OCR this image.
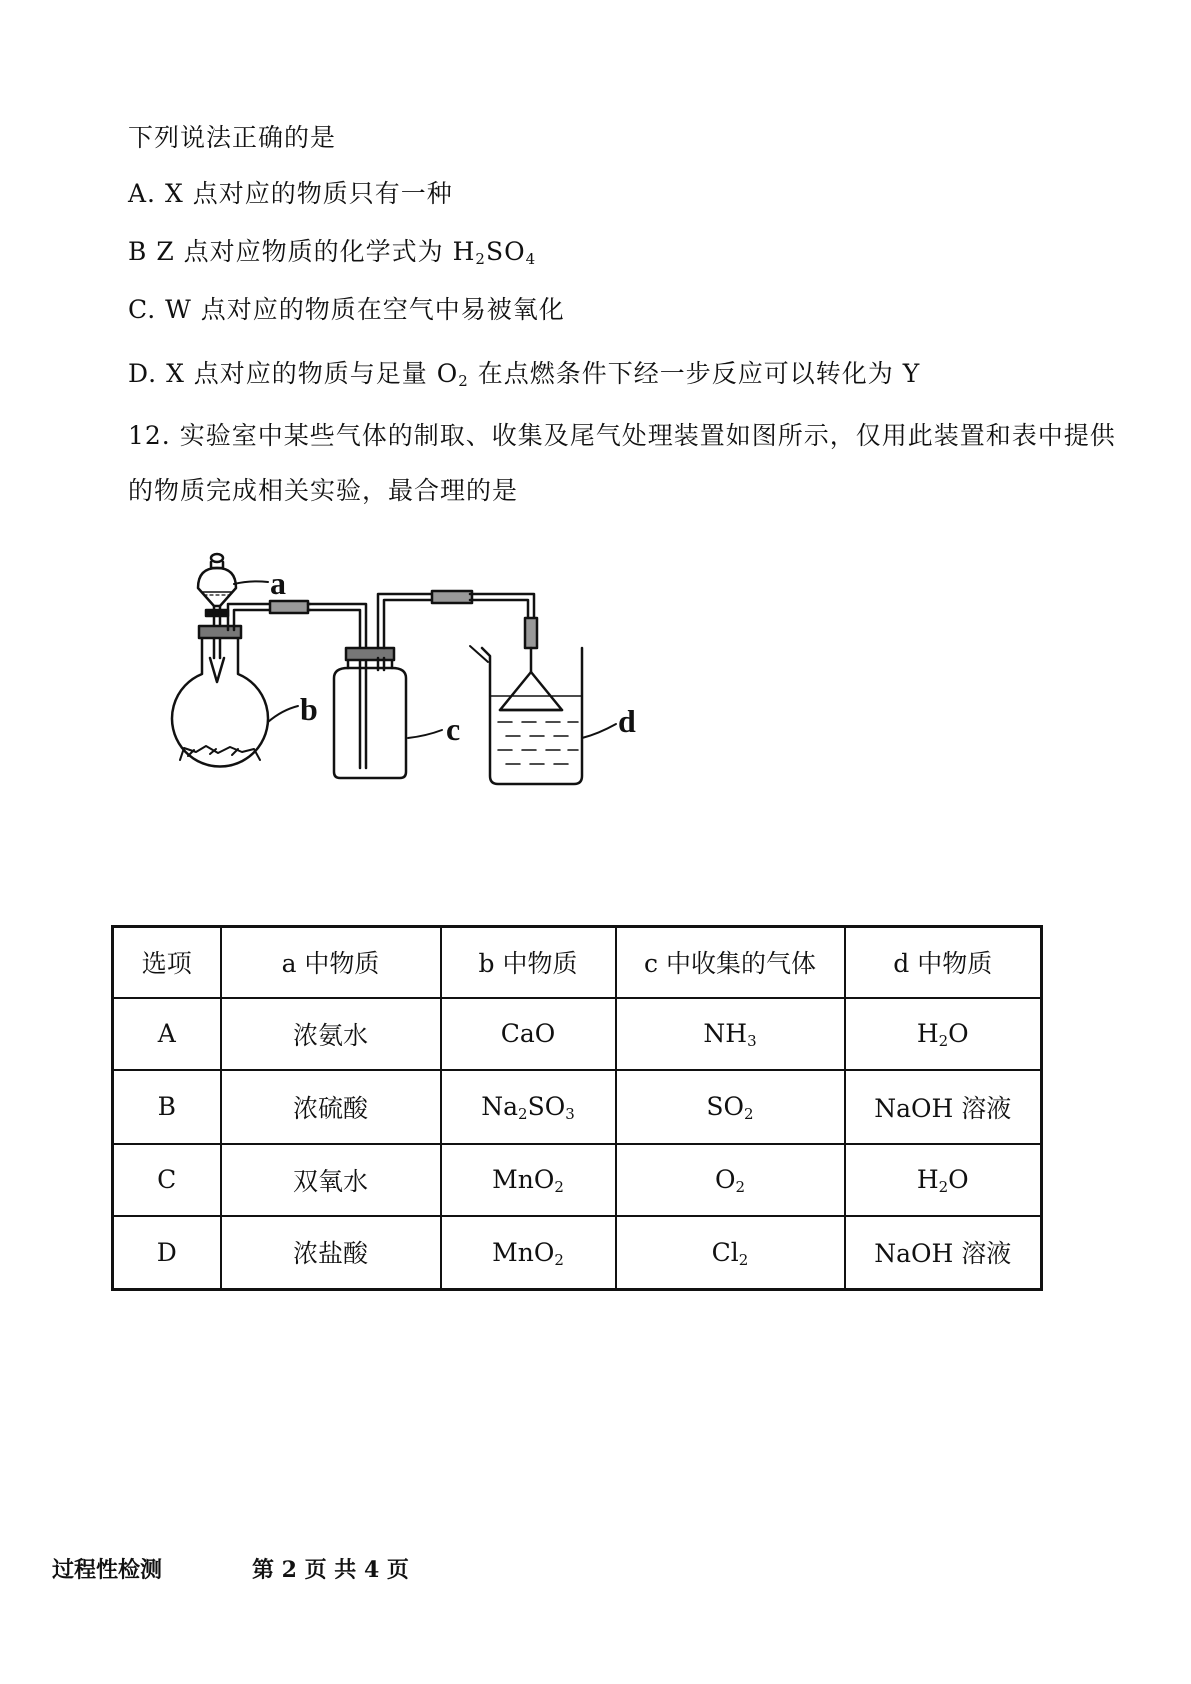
下列说法正确的是
A. X 点对应的物质只有一种
B Z 点对应物质的化学式为 $H_2SO_4$
C. W 点对应的物质在空气中易被氧化
D. X 点对应的物质与足量 $O_2$ 在点燃条件下经一步反应可以转化为 Y
12. 实验室中某些气体的制取、收集及尾气处理装置如图所示，仅用此装置和表中提供
的物质完成相关实验，最合理的是
a
b
c	d
选项	a 中物质	b 中物质	c 中收集的气体	d 中物质
A	浓氨水	CaO	$NH_3$	$H_2O$
B	浓硫酸	$Na_2SO_3$	$SO_2$	NaOH 溶液
C	双氧水	MnO$_2$	$O_2$	$H_2O$
D	浓盐酸	MnO$_2$	$Cl_2$	NaOH 溶液
过程性检测	第 2 页 共 4 页
